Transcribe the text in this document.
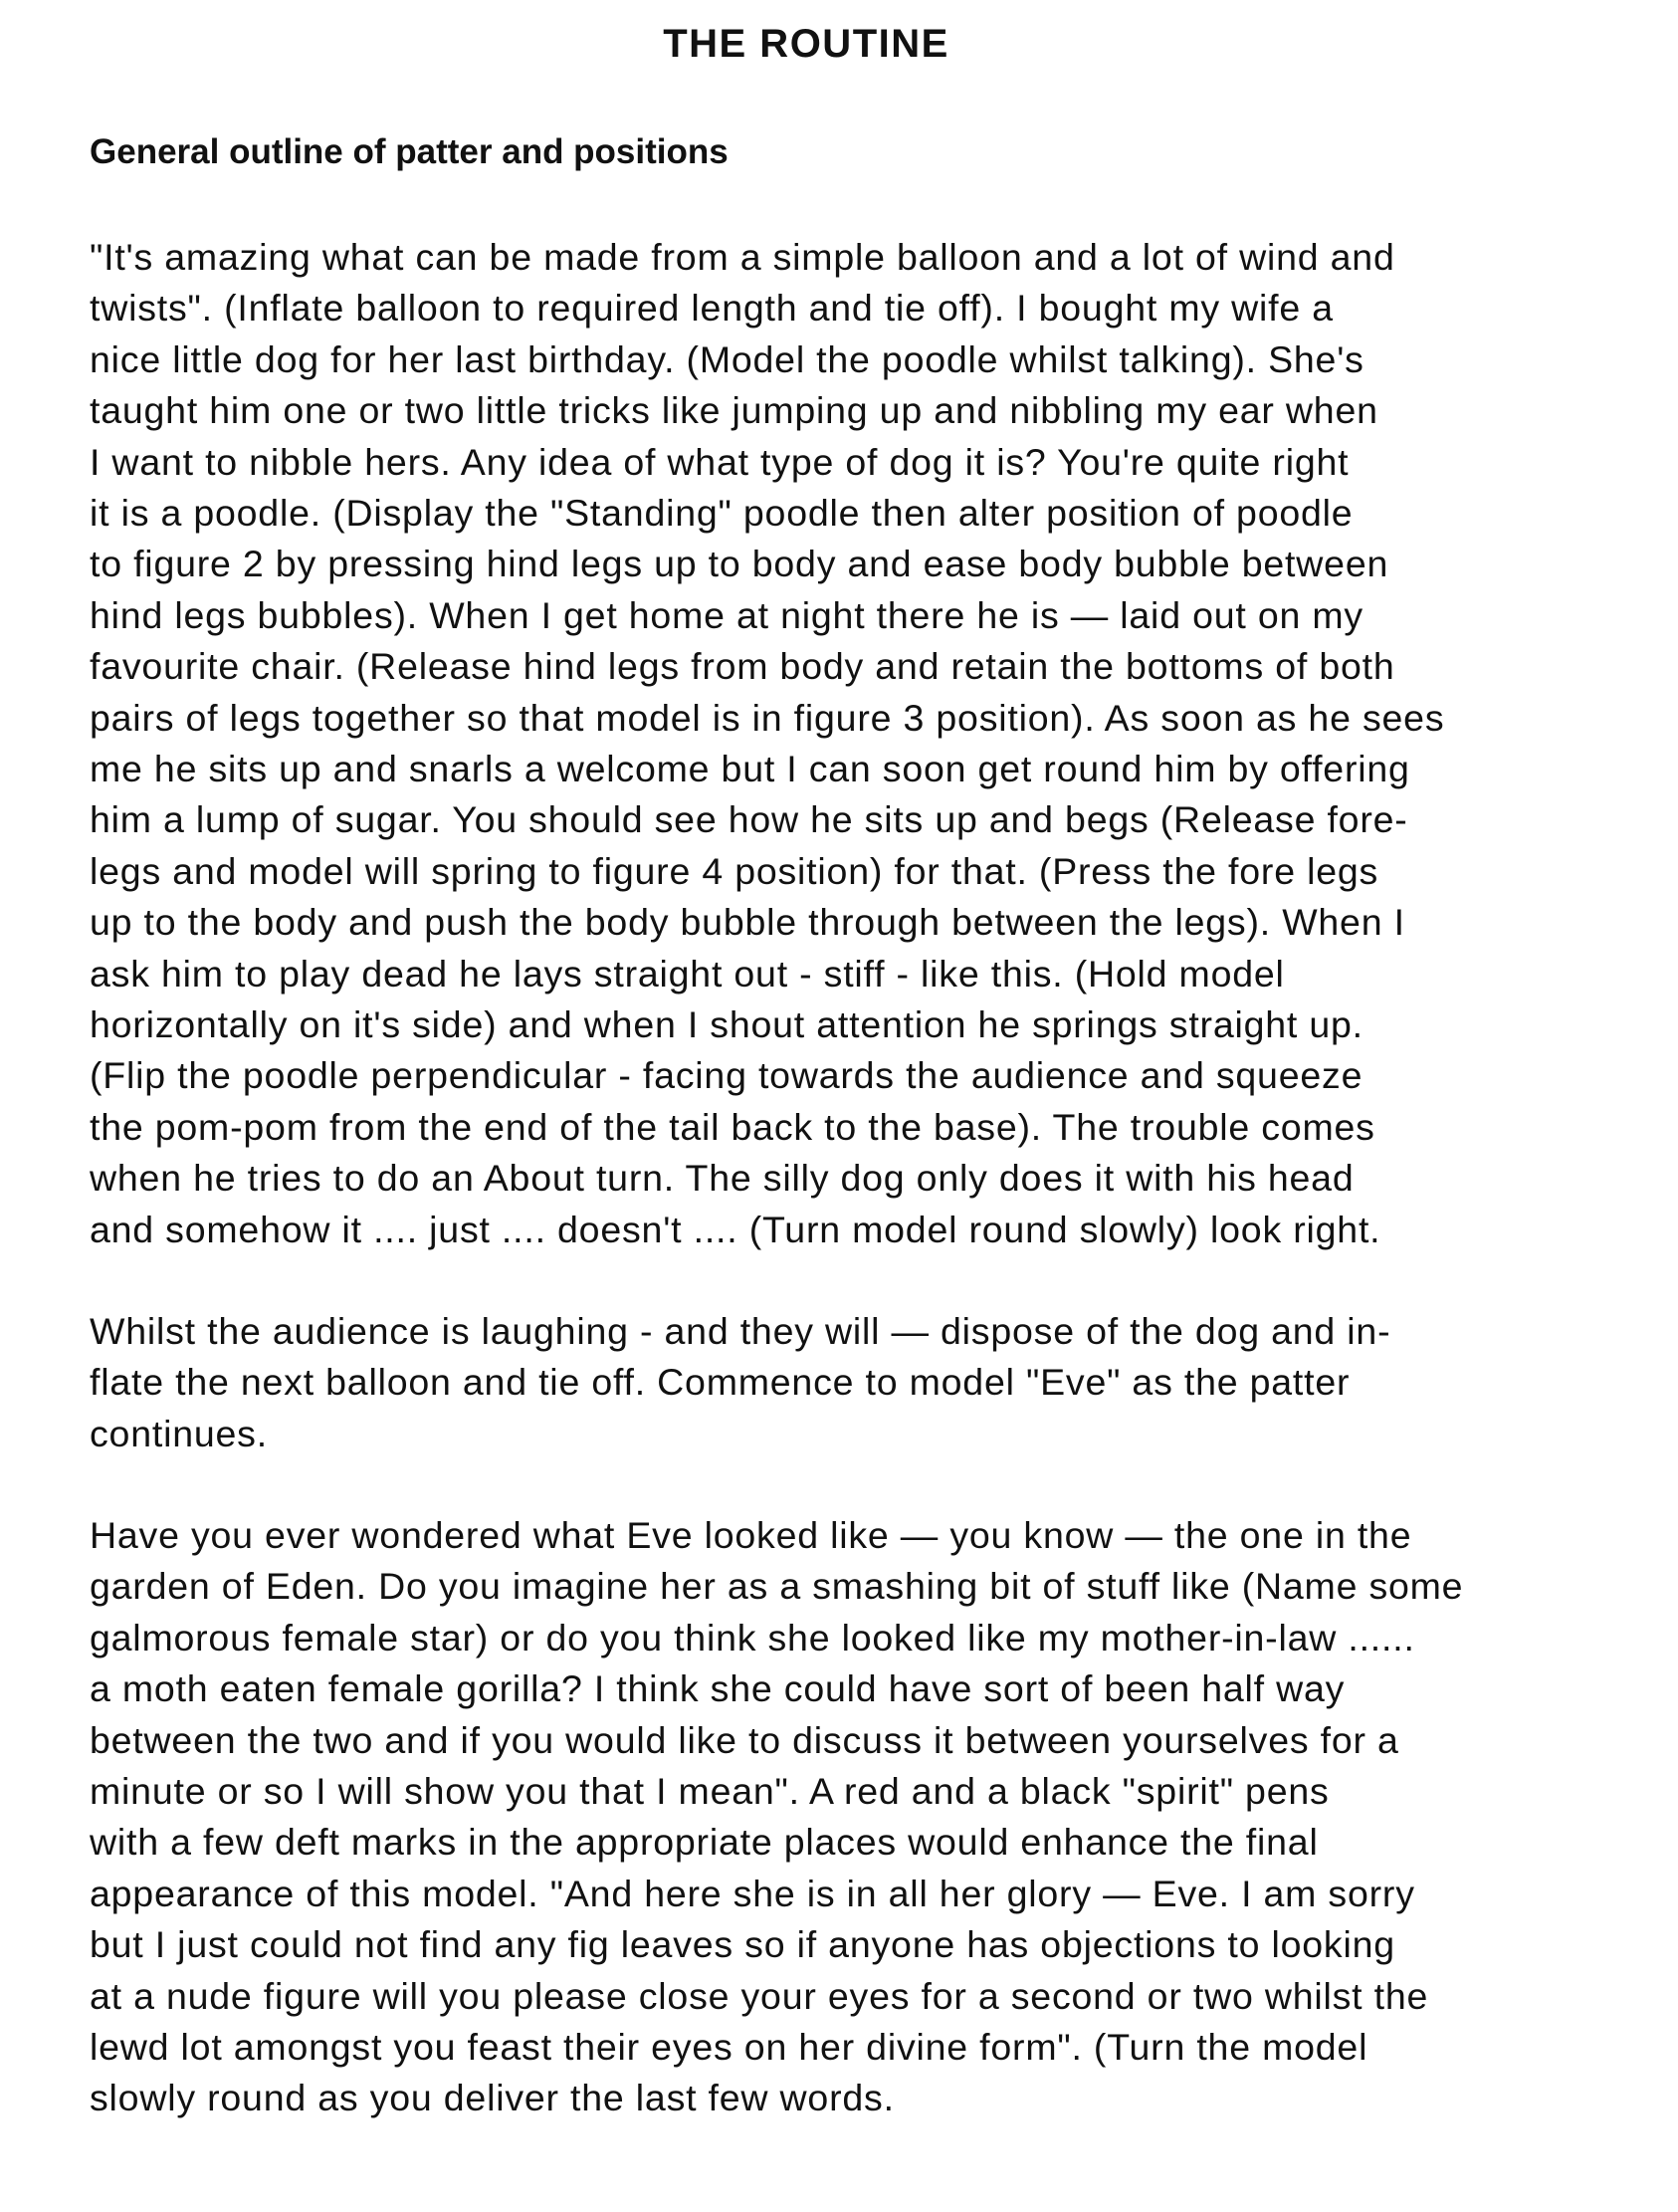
THE ROUTINE
General outline of patter and positions
"It's amazing what can be made from a simple balloon and a lot of wind and
twists". (Inflate balloon to required length and tie off). I bought my wife a
nice little dog for her last birthday. (Model the poodle whilst talking). She's
taught him one or two little tricks like jumping up and nibbling my ear when
I want to nibble hers. Any idea of what type of dog it is? You're quite right
it is a poodle. (Display the "Standing" poodle then alter position of poodle
to figure 2 by pressing hind legs up to body and ease body bubble between
hind legs bubbles). When I get home at night there he is — laid out on my
favourite chair. (Release hind legs from body and retain the bottoms of both
pairs of legs together so that model is in figure 3 position). As soon as he sees
me he sits up and snarls a welcome but I can soon get round him by offering
him a lump of sugar. You should see how he sits up and begs (Release fore-
legs and model will spring to figure 4 position) for that. (Press the fore legs
up to the body and push the body bubble through between the legs). When I
ask him to play dead he lays straight out - stiff - like this. (Hold model
horizontally on it's side) and when I shout attention he springs straight up.
(Flip the poodle perpendicular - facing towards the audience and squeeze
the pom-pom from the end of the tail back to the base). The trouble comes
when he tries to do an About turn. The silly dog only does it with his head
and somehow it .... just .... doesn't .... (Turn model round slowly) look right.
Whilst the audience is laughing - and they will — dispose of the dog and in-
flate the next balloon and tie off. Commence to model "Eve" as the patter
continues.
Have you ever wondered what Eve looked like — you know — the one in the
garden of Eden. Do you imagine her as a smashing bit of stuff like (Name some
galmorous female star) or do you think she looked like my mother-in-law ......
a moth eaten female gorilla? I think she could have sort of been half way
between the two and if you would like to discuss it between yourselves for a
minute or so I will show you that I mean". A red and a black "spirit" pens
with a few deft marks in the appropriate places would enhance the final
appearance of this model. "And here she is in all her glory — Eve. I am sorry
but I just could not find any fig leaves so if anyone has objections to looking
at a nude figure will you please close your eyes for a second or two whilst the
lewd lot amongst you feast their eyes on her divine form". (Turn the model
slowly round as you deliver the last few words.
